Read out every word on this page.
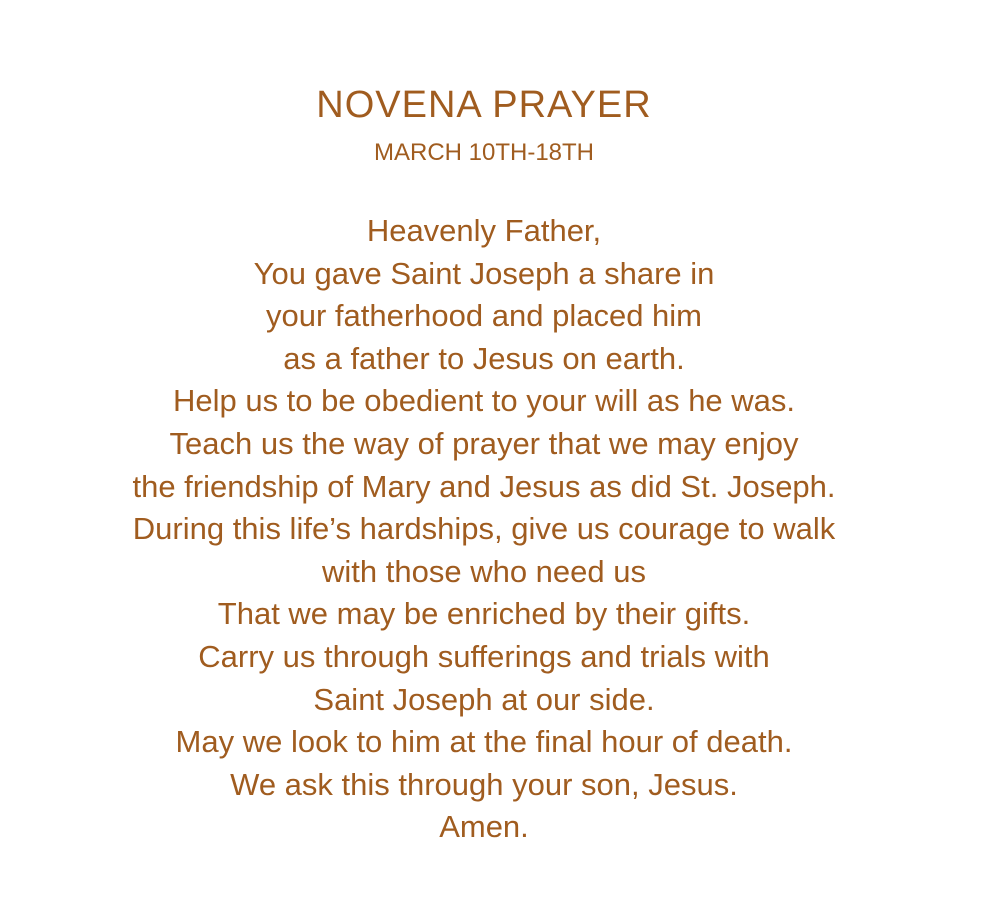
NOVENA PRAYER
MARCH 10TH-18TH
Heavenly Father,
You gave Saint Joseph a share in
your fatherhood and placed him
as a father to Jesus on earth.
Help us to be obedient to your will as he was.
Teach us the way of prayer that we may enjoy
the friendship of Mary and Jesus as did St. Joseph.
During this life’s hardships, give us courage to walk
with those who need us
That we may be enriched by their gifts.
Carry us through sufferings and trials with
Saint Joseph at our side.
May we look to him at the final hour of death.
We ask this through your son, Jesus.
Amen.
